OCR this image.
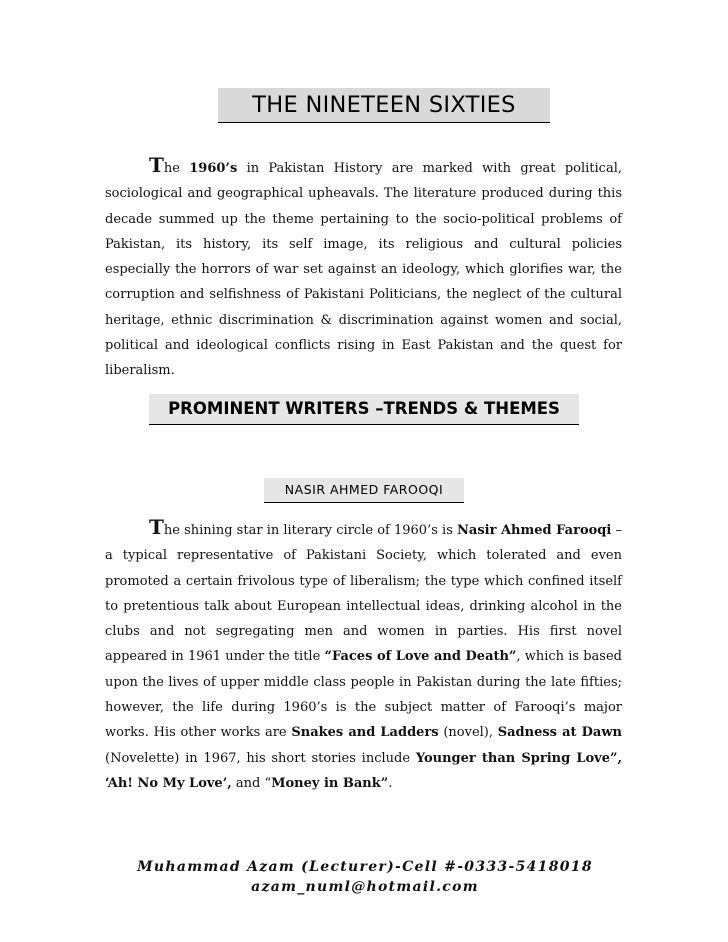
THE NINETEEN SIXTIES
The 1960’s in Pakistan History are marked with great political, sociological and geographical upheavals. The literature produced during this decade summed up the theme pertaining to the socio-political problems of Pakistan, its history, its self image, its religious and cultural policies especially the horrors of war set against an ideology, which glorifies war, the corruption and selfishness of Pakistani Politicians, the neglect of the cultural heritage, ethnic discrimination & discrimination against women and social, political and ideological conflicts rising in East Pakistan and the quest for liberalism.
PROMINENT WRITERS –TRENDS & THEMES
NASIR AHMED FAROOQI
The shining star in literary circle of 1960’s is Nasir Ahmed Farooqi –a typical representative of Pakistani Society, which tolerated and even promoted a certain frivolous type of liberalism; the type which confined itself to pretentious talk about European intellectual ideas, drinking alcohol in the clubs and not segregating men and women in parties. His first novel appeared in 1961 under the title “Faces of Love and Death”, which is based upon the lives of upper middle class people in Pakistan during the late fifties; however, the life during 1960’s is the subject matter of Farooqi’s major works. His other works are Snakes and Ladders (novel), Sadness at Dawn (Novelette) in 1967, his short stories include Younger than Spring Love”, ‘Ah! No My Love’, and “Money in Bank”.
Muhammad Azam (Lecturer)-Cell #-0333-5418018
azam_numl@hotmail.com
